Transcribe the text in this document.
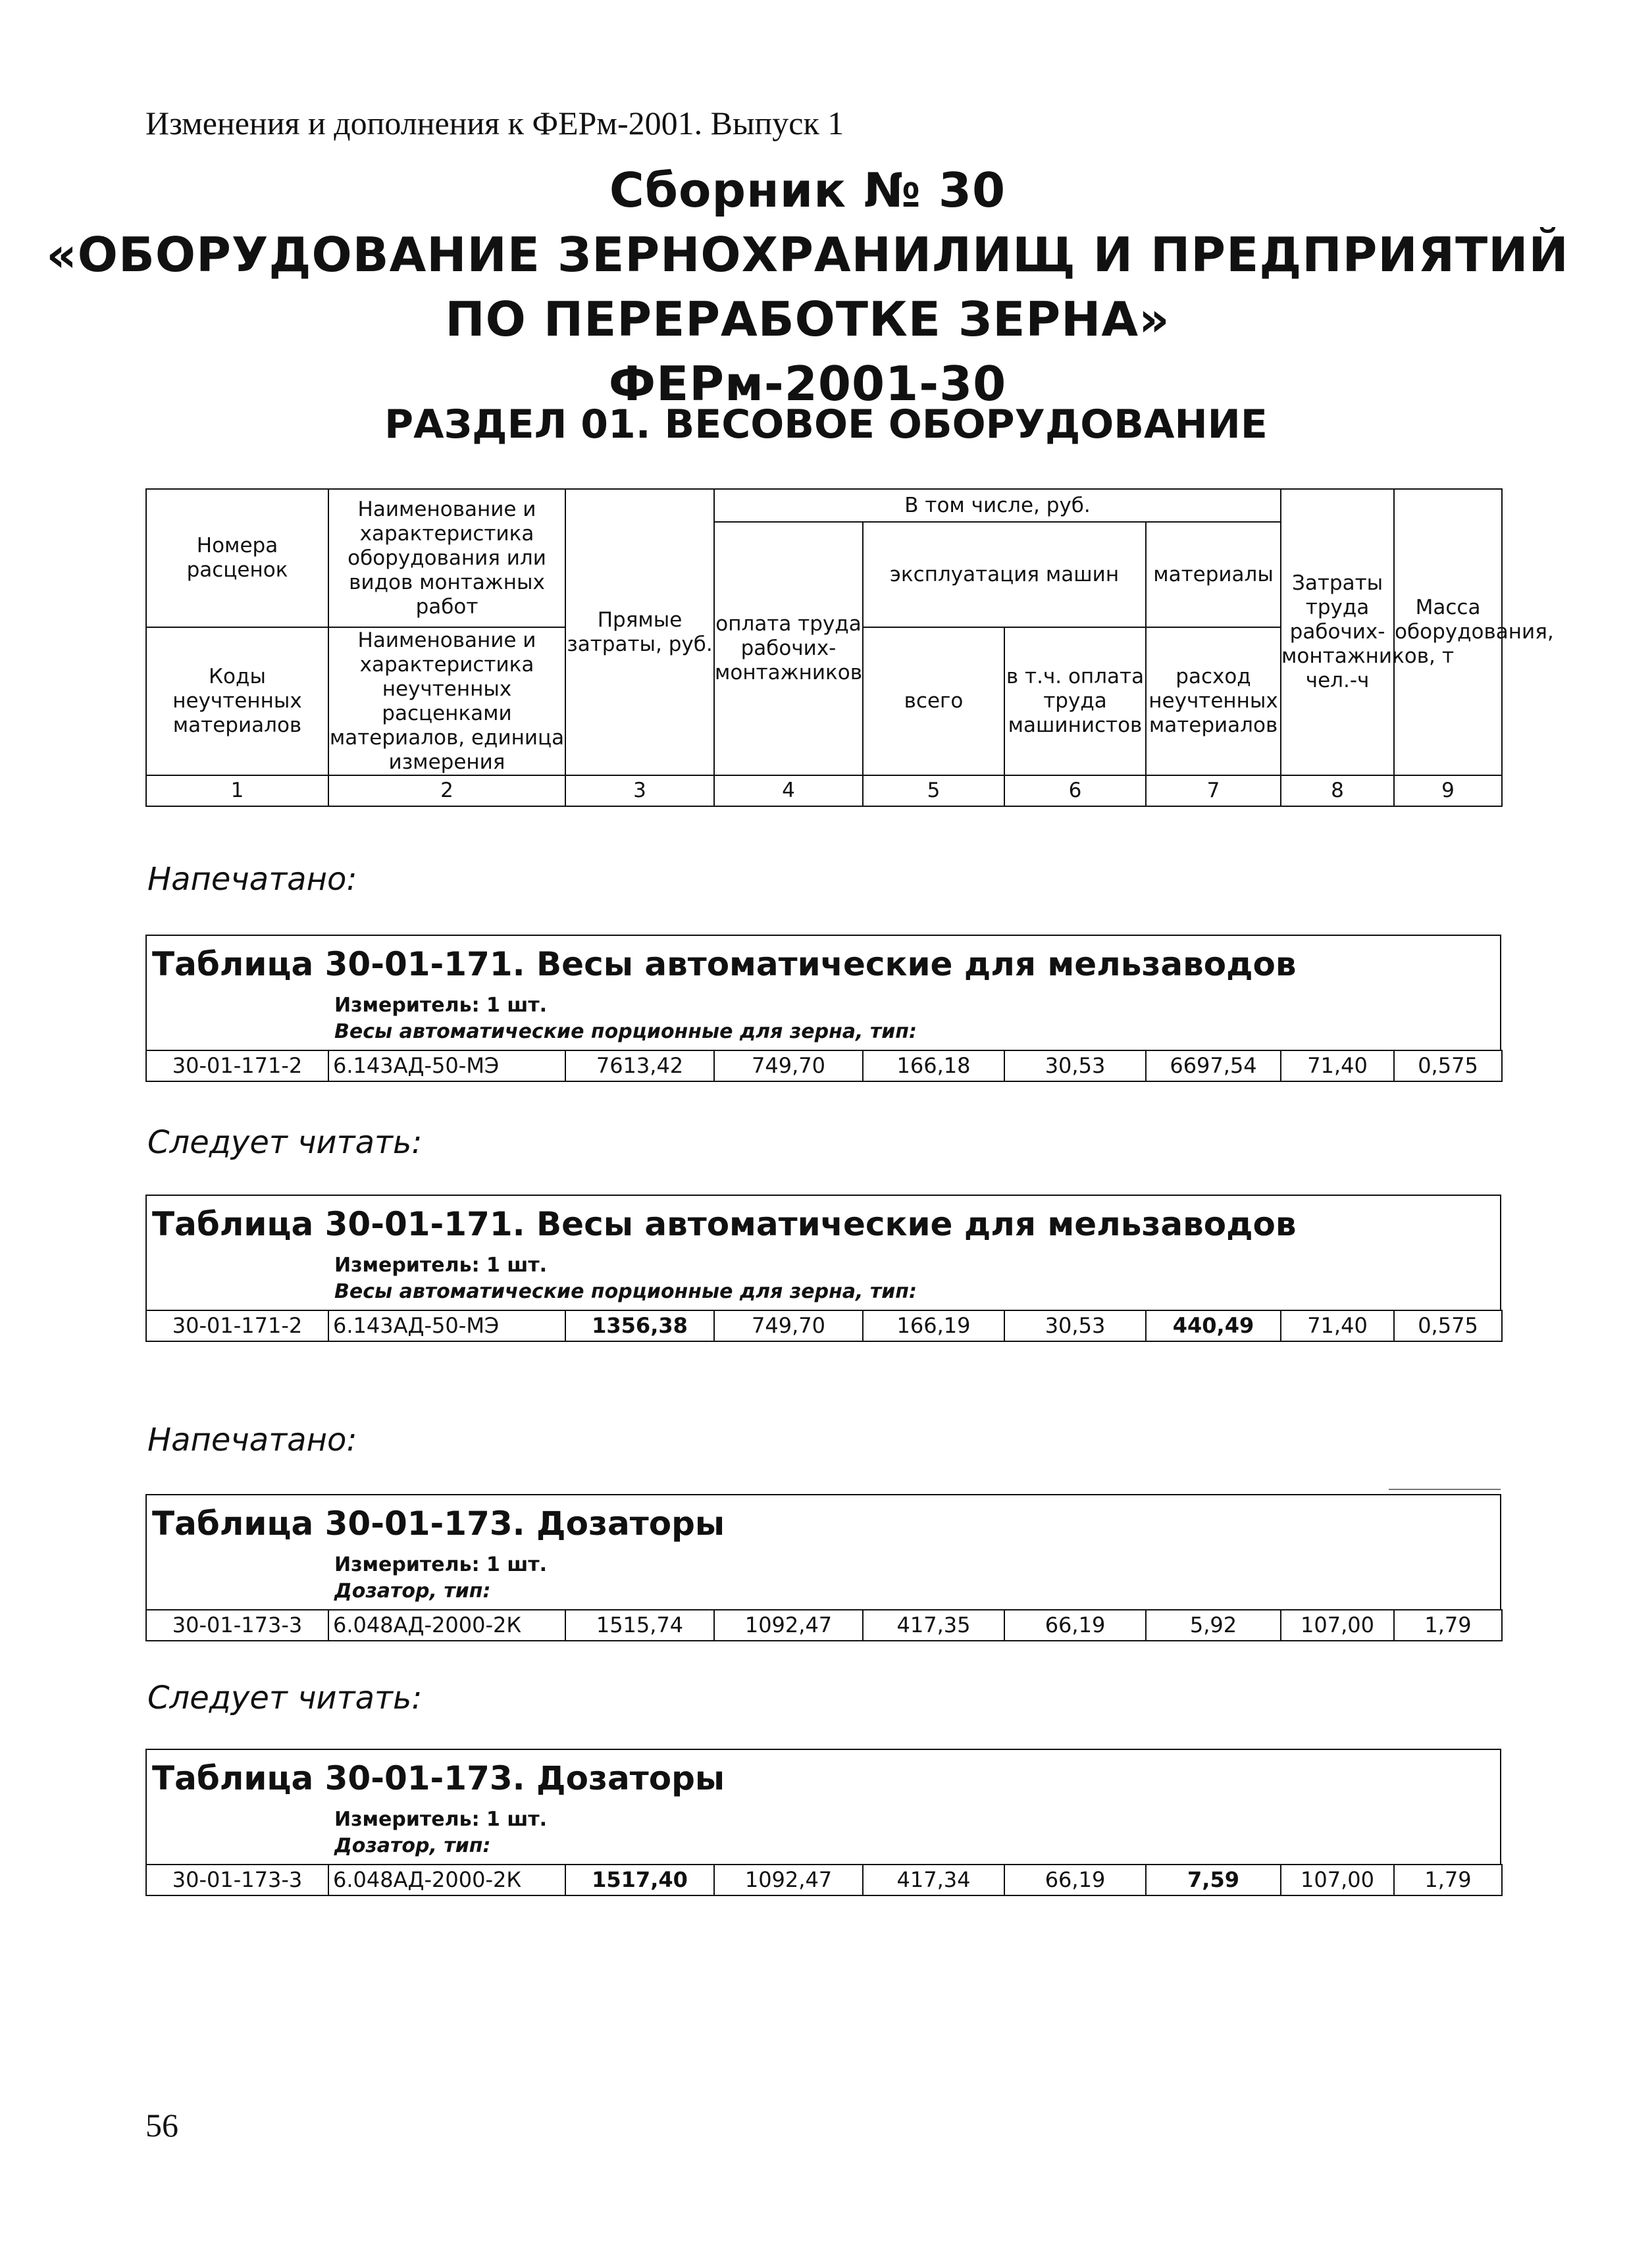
Изменения и дополнения к ФЕРм-2001. Выпуск 1
Сборник № 30
«ОБОРУДОВАНИЕ ЗЕРНОХРАНИЛИЩ И ПРЕДПРИЯТИЙ
ПО ПЕРЕРАБОТКЕ ЗЕРНА»
ФЕРм-2001-30
РАЗДЕЛ 01. ВЕСОВОЕ ОБОРУДОВАНИЕ
Номера расценок	Наименование и характеристика оборудования или видов монтажных работ	Прямые затраты, руб.	В том числе, руб.				Затраты труда рабочих-монтажников, чел.-ч	Масса оборудования, т
			оплата труда рабочих-монтажников	эксплуатация машин		материалы		
Коды неучтенных материалов	Наименование и характеристика неучтенных расценками материалов, единица измерения			всего	в т.ч. оплата труда машинистов	расход неучтенных материалов		

1	2	3	4	5	6	7	8	9
Напечатано:
Таблица 30-01-171. Весы автоматические для мельзаводов
Измеритель: 1 шт.
Весы автоматические порционные для зерна, тип:
30-01-171-2	6.143АД-50-МЭ	7613,42	749,70	166,18	30,53	6697,54	71,40	0,575
Следует читать:
Таблица 30-01-171. Весы автоматические для мельзаводов
Измеритель: 1 шт.
Весы автоматические порционные для зерна, тип:
30-01-171-2	6.143АД-50-МЭ	1356,38	749,70	166,19	30,53	440,49	71,40	0,575
Напечатано:
Таблица 30-01-173. Дозаторы
Измеритель: 1 шт.
Дозатор, тип:
30-01-173-3	6.048АД-2000-2К	1515,74	1092,47	417,35	66,19	5,92	107,00	1,79
Следует читать:
Таблица 30-01-173. Дозаторы
Измеритель: 1 шт.
Дозатор, тип:
30-01-173-3	6.048АД-2000-2К	1517,40	1092,47	417,34	66,19	7,59	107,00	1,79
56
